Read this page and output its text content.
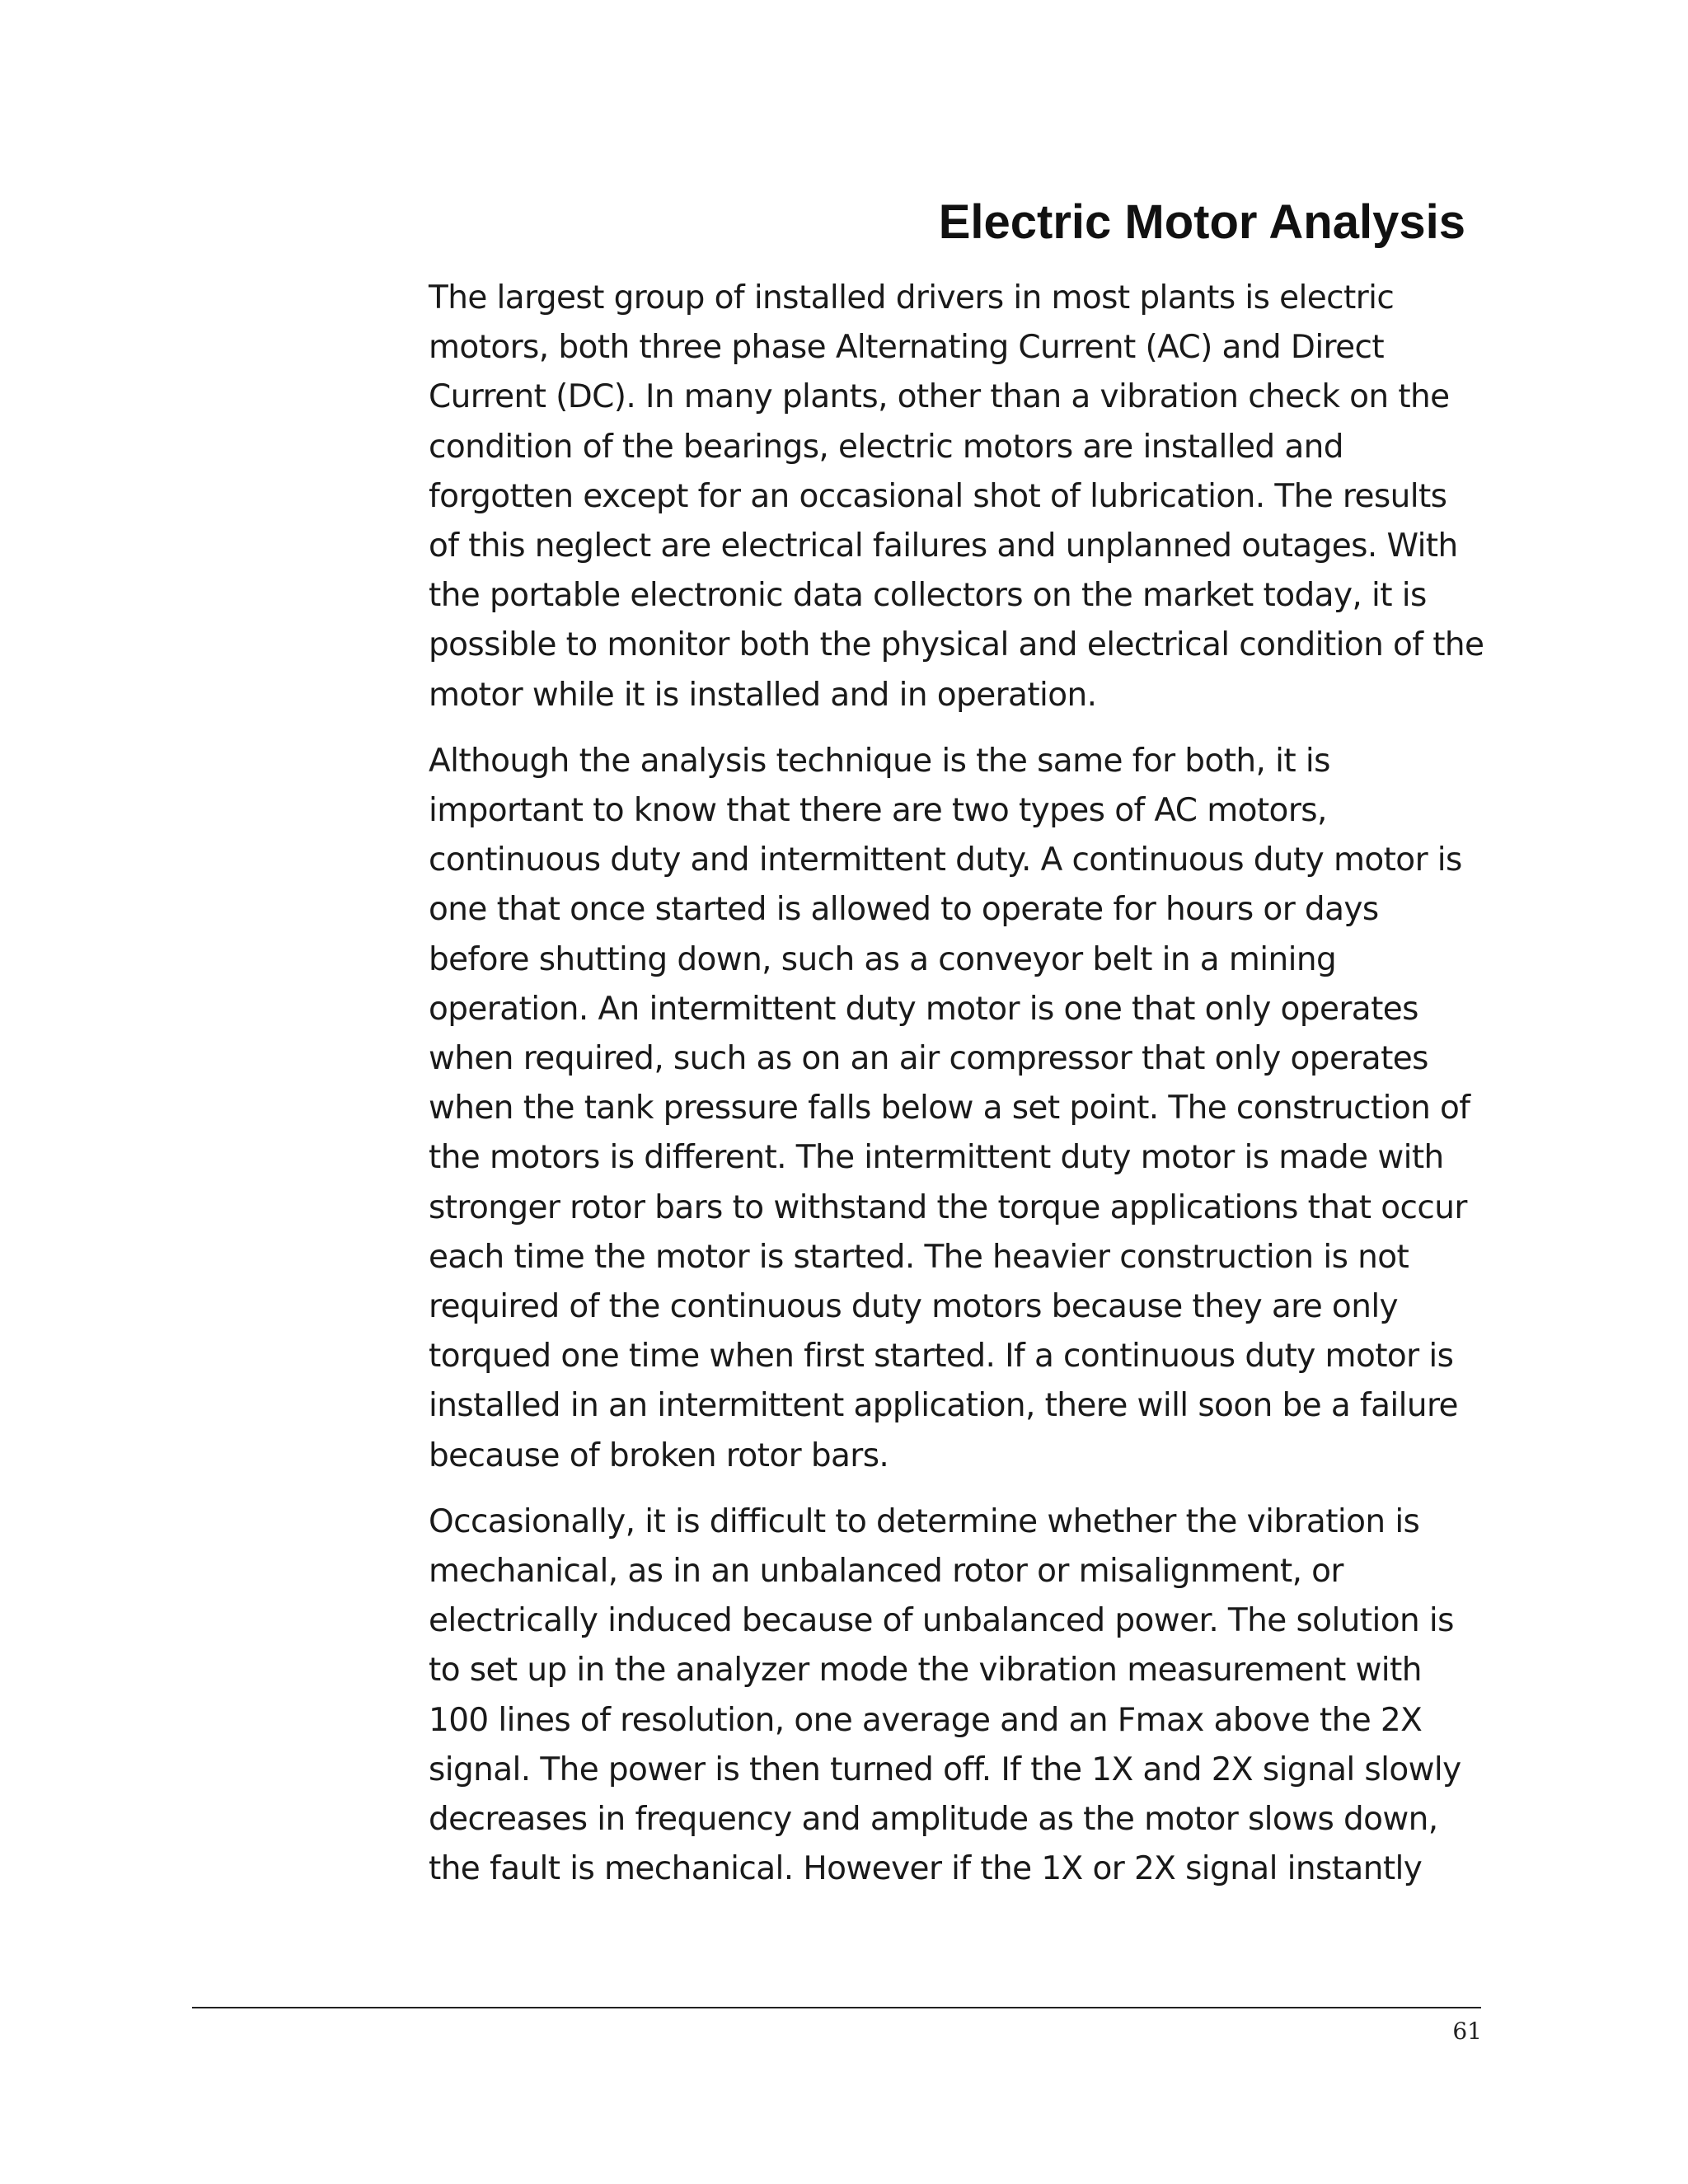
Electric Motor Analysis

The largest group of installed drivers in most plants is electric
motors, both three phase Alternating Current (AC) and Direct
Current (DC). In many plants, other than a vibration check on the
condition of the bearings, electric motors are installed and
forgotten except for an occasional shot of lubrication. The results
of this neglect are electrical failures and unplanned outages. With
the portable electronic data collectors on the market today, it is
possible to monitor both the physical and electrical condition of the
motor while it is installed and in operation.

Although the analysis technique is the same for both, it is
important to know that there are two types of AC motors,
continuous duty and intermittent duty. A continuous duty motor is
one that once started is allowed to operate for hours or days
before shutting down, such as a conveyor belt in a mining
operation. An intermittent duty motor is one that only operates
when required, such as on an air compressor that only operates
when the tank pressure falls below a set point. The construction of
the motors is different. The intermittent duty motor is made with
stronger rotor bars to withstand the torque applications that occur
each time the motor is started. The heavier construction is not
required of the continuous duty motors because they are only
torqued one time when first started. If a continuous duty motor is
installed in an intermittent application, there will soon be a failure
because of broken rotor bars.

Occasionally, it is difficult to determine whether the vibration is
mechanical, as in an unbalanced rotor or misalignment, or
electrically induced because of unbalanced power. The solution is
to set up in the analyzer mode the vibration measurement with
100 lines of resolution, one average and an Fmax above the 2X
signal. The power is then turned off. If the 1X and 2X signal slowly
decreases in frequency and amplitude as the motor slows down,
the fault is mechanical. However if the 1X or 2X signal instantly

61
